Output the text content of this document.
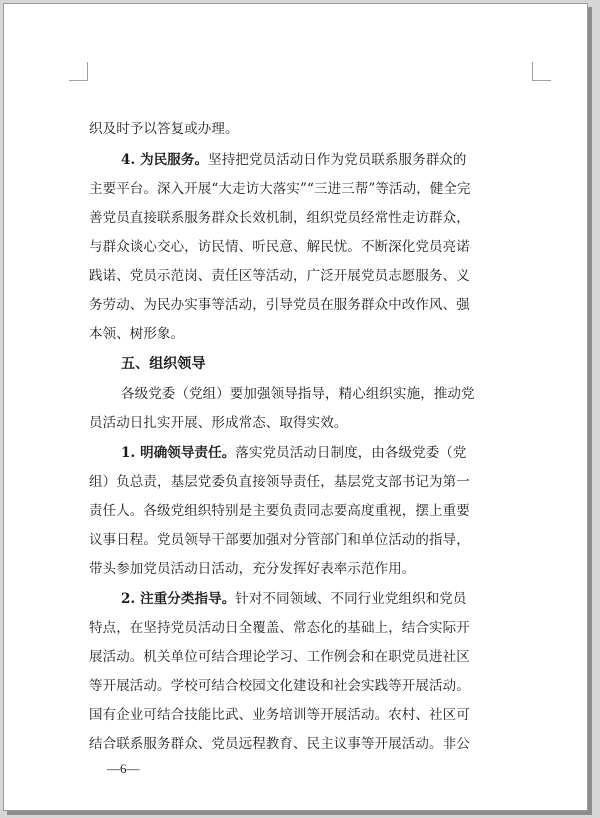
织及时予以答复或办理。
4. 为民服务。坚持把党员活动日作为党员联系服务群众的
主要平台。深入开展“大走访大落实”“三进三帮”等活动，健全完
善党员直接联系服务群众长效机制，组织党员经常性走访群众，
与群众谈心交心，访民情、听民意、解民忧。不断深化党员亮诺
践诺、党员示范岗、责任区等活动，广泛开展党员志愿服务、义
务劳动、为民办实事等活动，引导党员在服务群众中改作风、强
本领、树形象。
五、组织领导
各级党委（党组）要加强领导指导，精心组织实施，推动党
员活动日扎实开展、形成常态、取得实效。
1. 明确领导责任。落实党员活动日制度，由各级党委（党
组）负总责，基层党委负直接领导责任，基层党支部书记为第一
责任人。各级党组织特别是主要负责同志要高度重视，摆上重要
议事日程。党员领导干部要加强对分管部门和单位活动的指导，
带头参加党员活动日活动，充分发挥好表率示范作用。
2. 注重分类指导。针对不同领域、不同行业党组织和党员
特点，在坚持党员活动日全覆盖、常态化的基础上，结合实际开
展活动。机关单位可结合理论学习、工作例会和在职党员进社区
等开展活动。学校可结合校园文化建设和社会实践等开展活动。
国有企业可结合技能比武、业务培训等开展活动。农村、社区可
结合联系服务群众、党员远程教育、民主议事等开展活动。非公
—6—
